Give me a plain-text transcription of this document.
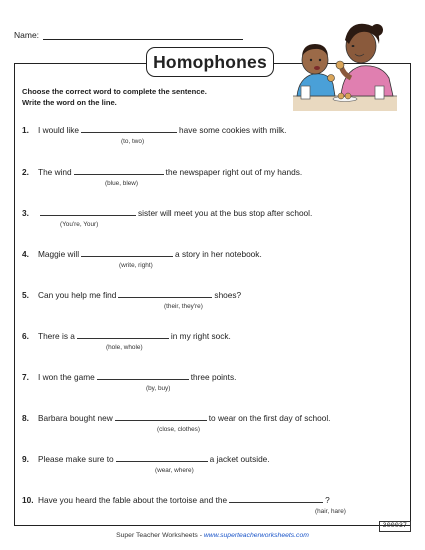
Name:
Homophones
Choose the correct word to complete the sentence.
Write the word on the line.
1. I would like	have some cookies with milk.
(to, two)
2. The wind	the newspaper right out of my hands.
(blue, blew)
3.	sister will meet you at the bus stop after school.
(You're, Your)
4. Maggie will	a story in her notebook.
(write, right)
5. Can you help me find	shoes?
(their, they're)
6. There is a	in my right sock.
(hole, whole)
7. I won the game	three points.
(by, buy)
8. Barbara bought new	to wear on the first day of school.
(close, clothes)
9. Please make sure to	a jacket outside.
(wear, where)
10. Have you heard the fable about the tortoise and the	?
(hair, hare)
300037
Super Teacher Worksheets - www.superteacherworksheets.com
